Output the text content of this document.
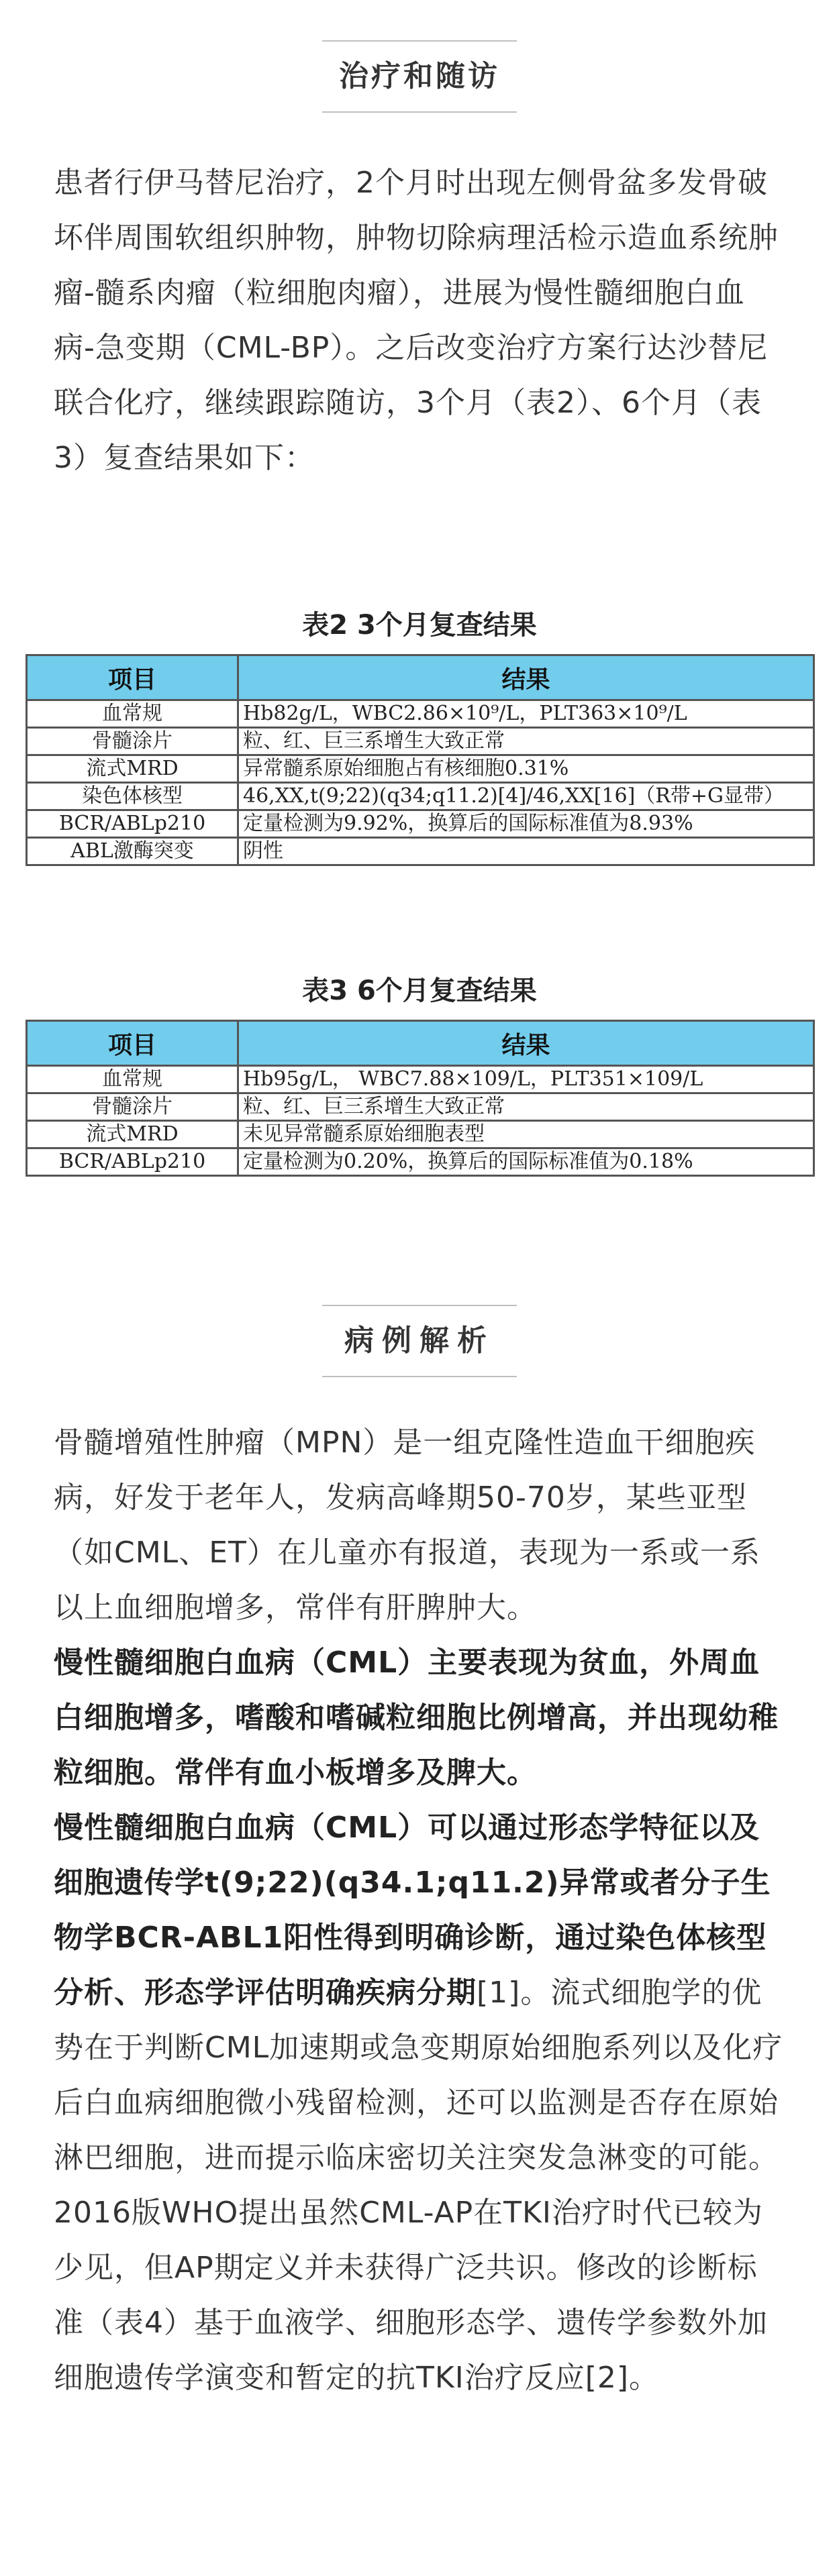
治疗和随访

患者行伊马替尼治疗，2个月时出现左侧骨盆多发骨破坏伴周围软组织肿物，肿物切除病理活检示造血系统肿瘤-髓系肉瘤（粒细胞肉瘤），进展为慢性髓细胞白血病-急变期（CML-BP）。之后改变治疗方案行达沙替尼联合化疗，继续跟踪随访，3个月（表2）、6个月（表3）复查结果如下：

表2 3个月复查结果
项目	结果
血常规	Hb82g/L，WBC2.86×10⁹/L，PLT363×10⁹/L
骨髓涂片	粒、红、巨三系增生大致正常
流式MRD	异常髓系原始细胞占有核细胞0.31%
染色体核型	46,XX,t(9;22)(q34;q11.2)[4]/46,XX[16]（R带+G显带）
BCR/ABLp210	定量检测为9.92%，换算后的国际标准值为8.93%
ABL激酶突变	阴性
表3 6个月复查结果
项目	结果
血常规	Hb95g/L， WBC7.88×109/L，PLT351×109/L
骨髓涂片	粒、红、巨三系增生大致正常
流式MRD	未见异常髓系原始细胞表型
BCR/ABLp210	定量检测为0.20%，换算后的国际标准值为0.18%
病例解析

骨髓增殖性肿瘤（MPN）是一组克隆性造血干细胞疾病，好发于老年人，发病高峰期50-70岁，某些亚型（如CML、ET）在儿童亦有报道，表现为一系或一系以上血细胞增多，常伴有肝脾肿大。

慢性髓细胞白血病（CML）主要表现为贫血，外周血白细胞增多，嗜酸和嗜碱粒细胞比例增高，并出现幼稚粒细胞。常伴有血小板增多及脾大。

慢性髓细胞白血病（CML）可以通过形态学特征以及细胞遗传学t(9;22)(q34.1;q11.2)异常或者分子生物学BCR-ABL1阳性得到明确诊断，通过染色体核型分析、形态学评估明确疾病分期[1]。流式细胞学的优势在于判断CML加速期或急变期原始细胞系列以及化疗后白血病细胞微小残留检测，还可以监测是否存在原始淋巴细胞，进而提示临床密切关注突发急淋变的可能。2016版WHO提出虽然CML-AP在TKI治疗时代已较为少见，但AP期定义并未获得广泛共识。修改的诊断标准（表4）基于血液学、细胞形态学、遗传学参数外加细胞遗传学演变和暂定的抗TKI治疗反应[2]。
